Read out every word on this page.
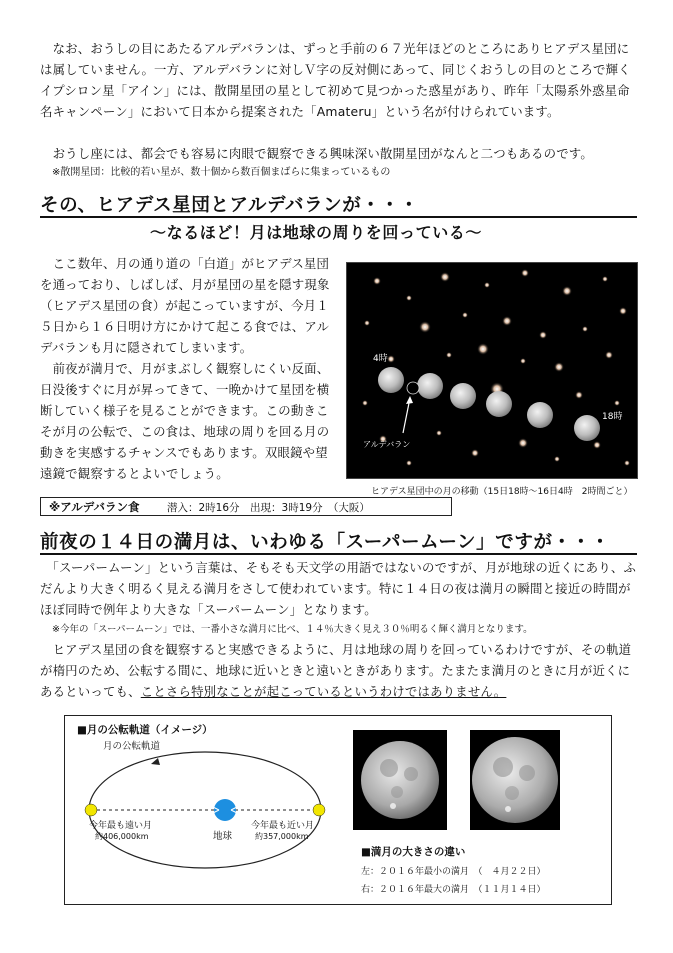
　なお、おうしの目にあたるアルデバランは、ずっと手前の６７光年ほどのところにありヒアデス星団には属していません。一方、アルデバランに対しＶ字の反対側にあって、同じくおうしの目のところで輝くイプシロン星「アイン」には、散開星団の星として初めて見つかった惑星があり、昨年「太陽系外惑星命名キャンペーン」において日本から提案された「Amateru」という名が付けられています。
　おうし座には、都会でも容易に肉眼で観察できる興味深い散開星団がなんと二つもあるのです。
※散開星団：比較的若い星が、数十個から数百個まばらに集まっているもの
その、ヒアデス星団とアルデバランが・・・
～なるほど！月は地球の周りを回っている～
　ここ数年、月の通り道の「白道」がヒアデス星団を通っており、しばしば、月が星団の星を隠す現象（ヒアデス星団の食）が起こっていますが、今月１５日から１６日明け方にかけて起こる食では、アルデバランも月に隠されてしまいます。
　前夜が満月で、月がまぶしく観察しにくい反面、日没後すぐに月が昇ってきて、一晩かけて星団を横断していく様子を見ることができます。この動きこそが月の公転で、この食は、地球の周りを回る月の動きを実感するチャンスでもあります。双眼鏡や望遠鏡で観察するとよいでしょう。
4時
18時
アルデバラン
ヒアデス星団中の月の移動（15日18時～16日4時　2時間ごと）
※アルデバラン食	潜入：2時16分　出現：3時19分　（大阪）
前夜の１４日の満月は、いわゆる「スーパームーン」ですが・・・
　「スーパームーン」という言葉は、そもそも天文学の用語ではないのですが、月が地球の近くにあり、ふだんより大きく明るく見える満月をさして使われています。特に１４日の夜は満月の瞬間と接近の時間がほぼ同時で例年より大きな「スーパームーン」となります。
※今年の「スーパームーン」では、一番小さな満月に比べ、１４％大きく見え３０％明るく輝く満月となります。
　ヒアデス星団の食を観察すると実感できるように、月は地球の周りを回っているわけですが、その軌道が楕円のため、公転する間に、地球に近いときと遠いときがあります。たまたま満月のときに月が近くにあるといっても、ことさら特別なことが起こっているというわけではありません。
■月の公転軌道（イメージ）
月の公転軌道
今年最も遠い月
約406,000km	地球
今年最も近い月
約357,000km
■満月の大きさの違い
左：２０１６年最小の満月　（　４月２２日）
右：２０１６年最大の満月　（１１月１４日）
